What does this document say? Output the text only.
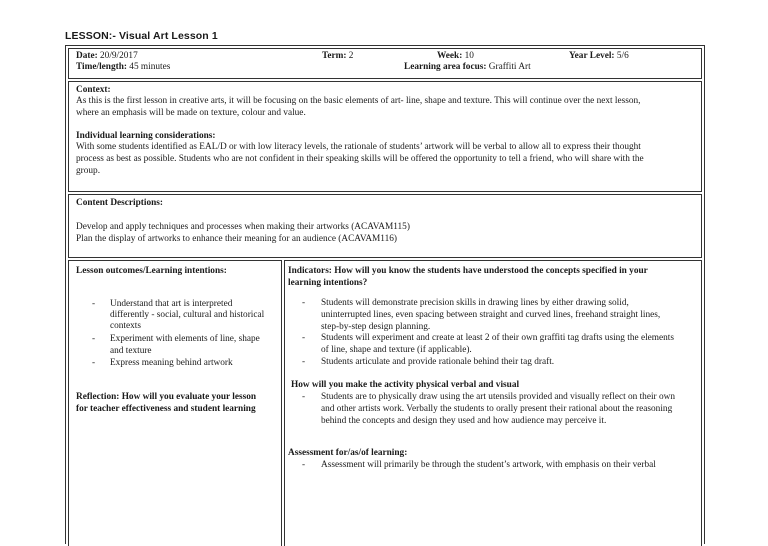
LESSON:- Visual Art Lesson 1
Date: 20/9/2017	Term: 2	Week: 10	Year Level: 5/6
Time/length: 45 minutes	Learning area focus: Graffiti Art
Context:
As this is the first lesson in creative arts, it will be focusing on the basic elements of art- line, shape and texture. This will continue over the next lesson,
where an emphasis will be made on texture, colour and value.
Individual learning considerations:
With some students identified as EAL/D or with low literacy levels, the rationale of students’ artwork will be verbal to allow all to express their thought
process as best as possible. Students who are not confident in their speaking skills will be offered the opportunity to tell a friend, who will share with the
group.
Content Descriptions:
Develop and apply techniques and processes when making their artworks (ACAVAM115)
Plan the display of artworks to enhance their meaning for an audience (ACAVAM116)
Lesson outcomes/Learning intentions:
- Understand that art is interpreted
differently - social, cultural and historical
contexts
- Experiment with elements of line, shape
and texture
- Express meaning behind artwork
Reflection: How will you evaluate your lesson
for teacher effectiveness and student learning
Indicators: How will you know the students have understood the concepts specified in your
learning intentions?
- Students will demonstrate precision skills in drawing lines by either drawing solid,
uninterrupted lines, even spacing between straight and curved lines, freehand straight lines,
step-by-step design planning.
- Students will experiment and create at least 2 of their own graffiti tag drafts using the elements
of line, shape and texture (if applicable).
- Students articulate and provide rationale behind their tag draft.
How will you make the activity physical verbal and visual
- Students are to physically draw using the art utensils provided and visually reflect on their own
and other artists work. Verbally the students to orally present their rational about the reasoning
behind the concepts and design they used and how audience may perceive it.
Assessment for/as/of learning:
- Assessment will primarily be through the student’s artwork, with emphasis on their verbal
